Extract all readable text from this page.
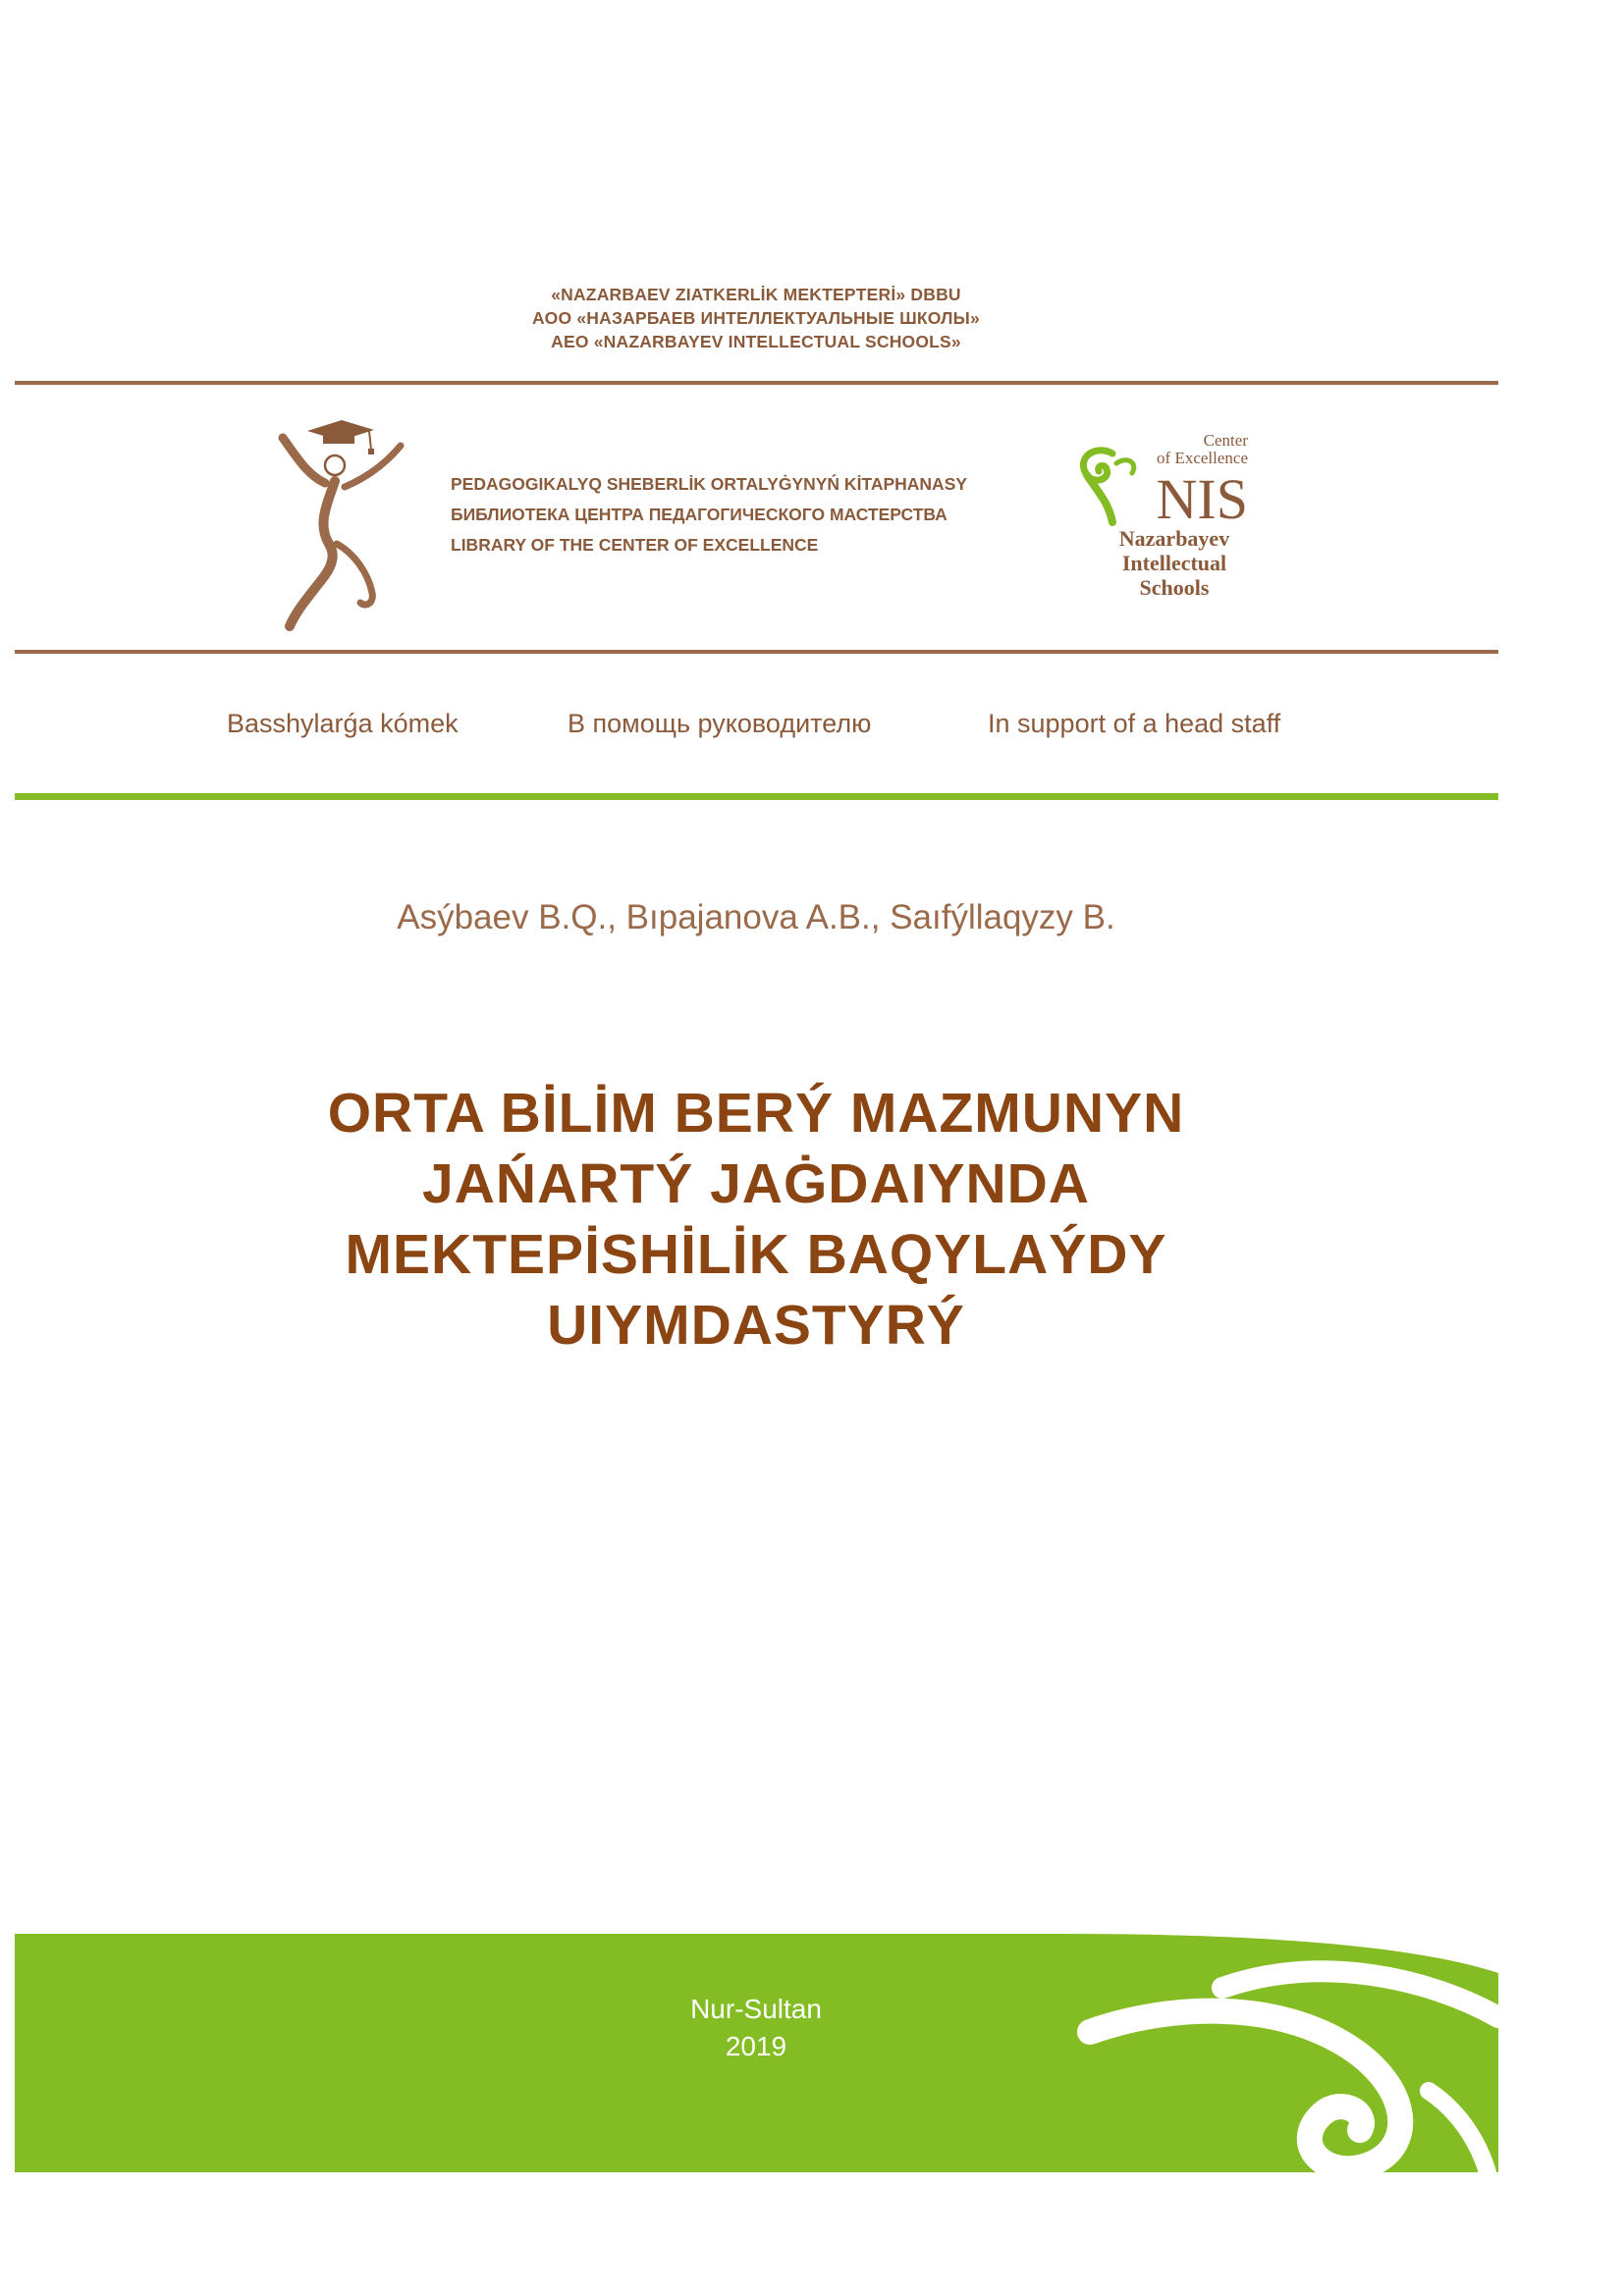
«NAZARBAEV ZIATKERLİK MEKTEPTERİ» DBBU
АОО «НАЗАРБАЕВ ИНТЕЛЛЕКТУАЛЬНЫЕ ШКОЛЫ»
AEO «NAZARBAYEV INTELLECTUAL SCHOOLS»
PEDAGOGIKALYQ SHEBERLİK ORTALYĠYNYŃ KİTAPHANASY
БИБЛИОТЕКА ЦЕНТРА ПЕДАГОГИЧЕСКОГО МАСТЕРСТВА
LIBRARY OF THE CENTER OF EXCELLENCE
Center
of Excellence
NIS
Nazarbayev
Intellectual
Schools
Basshylarǵa kómek	В помощь руководителю	In support of a head staff
Asýbaev B.Q., Bıpajanova A.B., Saıfýllaqyzy B.
ORTA BİLİM BERÝ MAZMUNYN
JAŃARTÝ JAĠDAIYNDA
MEKTEPİSHİLİK BAQYLAÝDY
UIYMDASTYRÝ
Nur-Sultan
2019
